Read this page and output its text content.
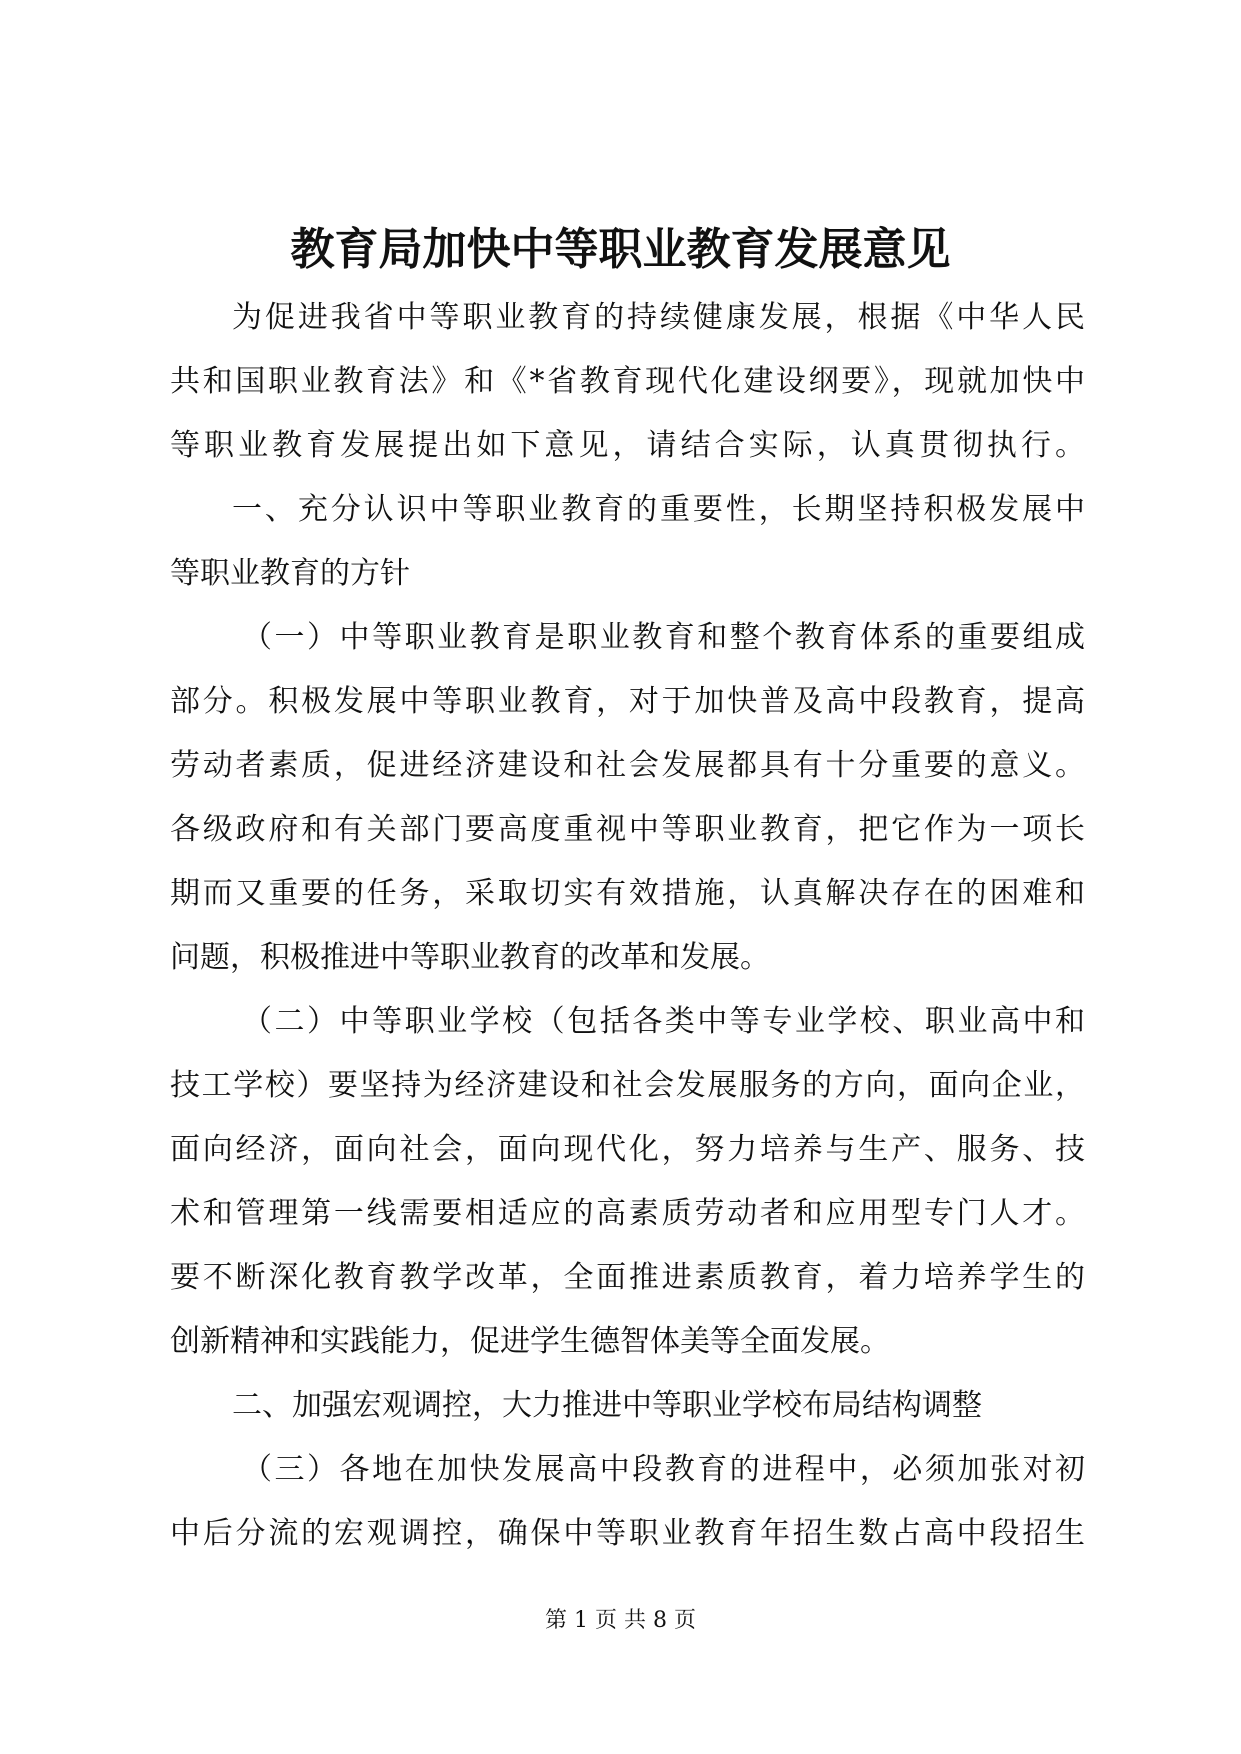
教育局加快中等职业教育发展意见
为促进我省中等职业教育的持续健康发展，根据《中华人民
共和国职业教育法》和《*省教育现代化建设纲要》，现就加快中
等职业教育发展提出如下意见，请结合实际，认真贯彻执行。
一、充分认识中等职业教育的重要性，长期坚持积极发展中
等职业教育的方针
（一）中等职业教育是职业教育和整个教育体系的重要组成
部分。积极发展中等职业教育，对于加快普及高中段教育，提高
劳动者素质，促进经济建设和社会发展都具有十分重要的意义。
各级政府和有关部门要高度重视中等职业教育，把它作为一项长
期而又重要的任务，采取切实有效措施，认真解决存在的困难和
问题，积极推进中等职业教育的改革和发展。
（二）中等职业学校（包括各类中等专业学校、职业高中和
技工学校）要坚持为经济建设和社会发展服务的方向，面向企业，
面向经济，面向社会，面向现代化，努力培养与生产、服务、技
术和管理第一线需要相适应的高素质劳动者和应用型专门人才。
要不断深化教育教学改革，全面推进素质教育，着力培养学生的
创新精神和实践能力，促进学生德智体美等全面发展。
二、加强宏观调控，大力推进中等职业学校布局结构调整
（三）各地在加快发展高中段教育的进程中，必须加张对初
中后分流的宏观调控，确保中等职业教育年招生数占高中段招生
第 1 页 共 8 页
